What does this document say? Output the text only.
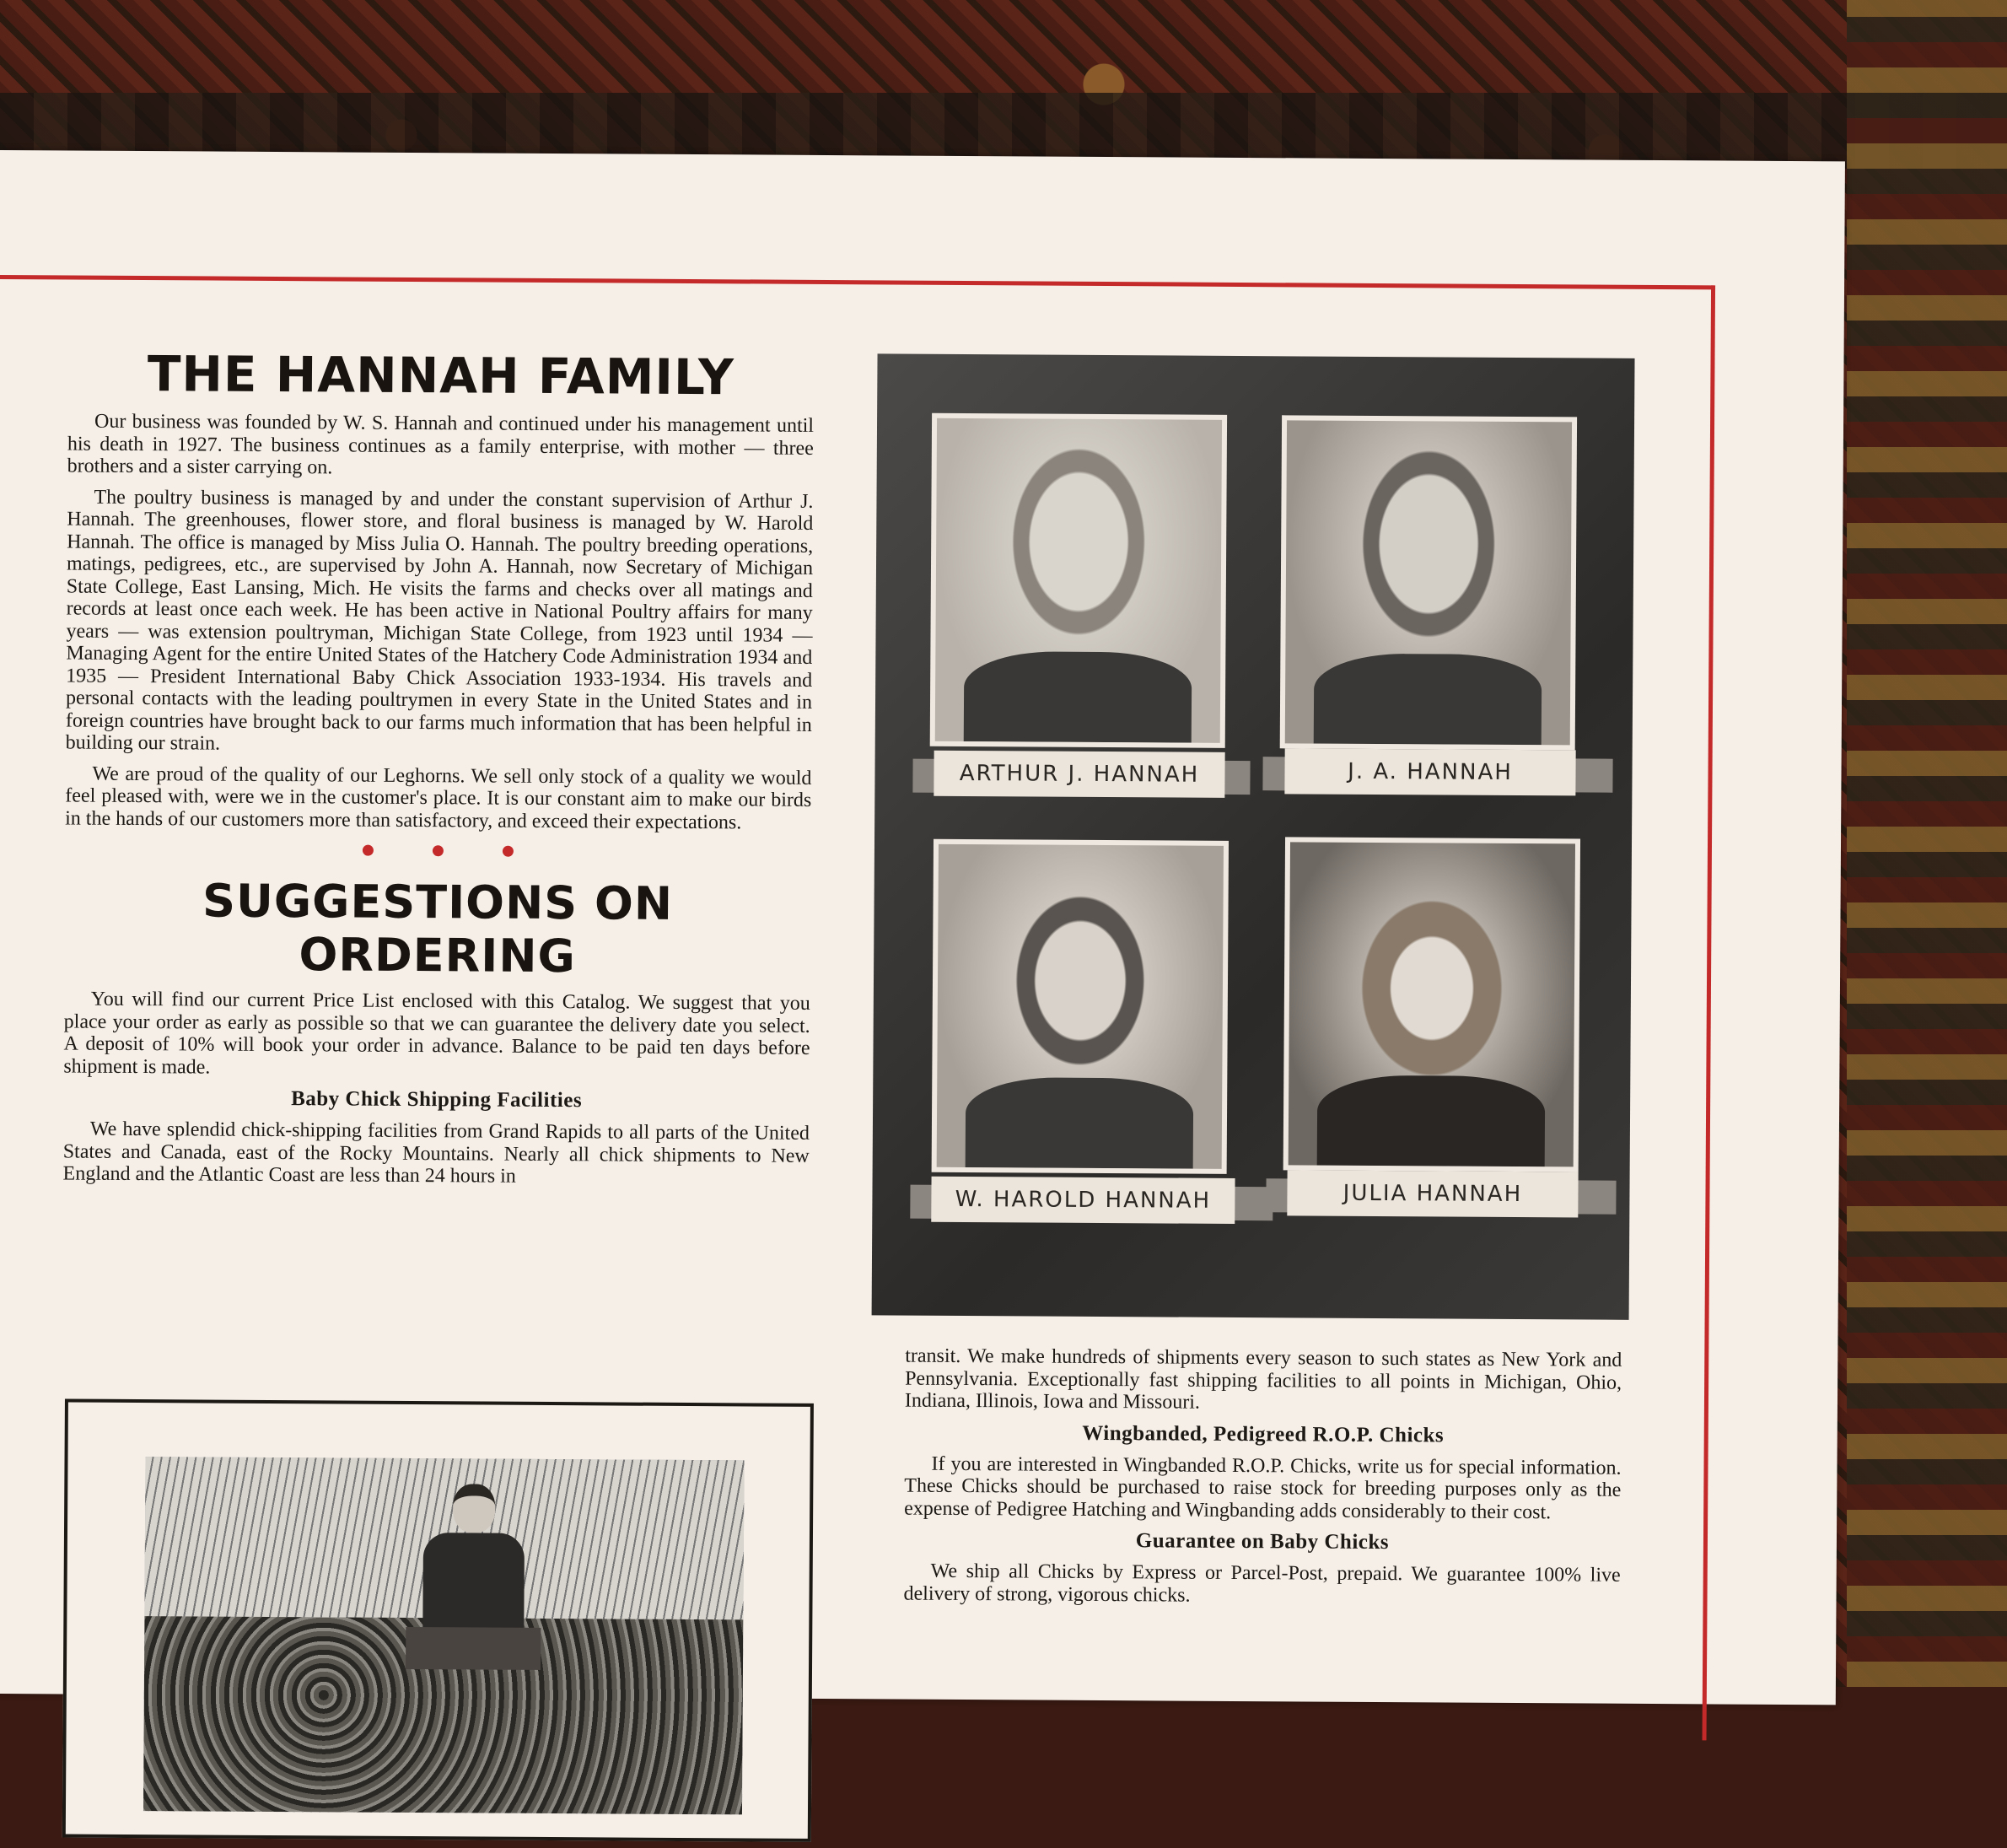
THE HANNAH FAMILY

Our business was founded by W. S. Hannah and continued under his management until his death in 1927. The business continues as a family enterprise, with mother — three brothers and a sister carrying on.

The poultry business is managed by and under the constant supervision of Arthur J. Hannah. The greenhouses, flower store, and floral business is managed by W. Harold Hannah. The office is managed by Miss Julia O. Hannah. The poultry breeding operations, matings, pedigrees, etc., are supervised by John A. Hannah, now Secretary of Michigan State College, East Lansing, Mich. He visits the farms and checks over all matings and records at least once each week. He has been active in National Poultry affairs for many years — was extension poultryman, Michigan State College, from 1923 until 1934 — Managing Agent for the entire United States of the Hatchery Code Administration 1934 and 1935 — President International Baby Chick Association 1933-1934. His travels and personal contacts with the leading poultrymen in every State in the United States and in foreign countries have brought back to our farms much information that has been helpful in building our strain.

We are proud of the quality of our Leghorns. We sell only stock of a quality we would feel pleased with, were we in the customer's place. It is our constant aim to make our birds in the hands of our customers more than satisfactory, and exceed their expectations.

SUGGESTIONS ON ORDERING

You will find our current Price List enclosed with this Catalog. We suggest that you place your order as early as possible so that we can guarantee the delivery date you select. A deposit of 10% will book your order in advance. Balance to be paid ten days before shipment is made.

Baby Chick Shipping Facilities

We have splendid chick-shipping facilities from Grand Rapids to all parts of the United States and Canada, east of the Rocky Mountains. Nearly all chick shipments to New England and the Atlantic Coast are less than 24 hours in

ARTHUR J. HANNAH	J. A. HANNAH
W. HAROLD HANNAH	JULIA HANNAH

transit. We make hundreds of shipments every season to such states as New York and Pennsylvania. Exceptionally fast shipping facilities to all points in Michigan, Ohio, Indiana, Illinois, Iowa and Missouri.

Wingbanded, Pedigreed R.O.P. Chicks

If you are interested in Wingbanded R.O.P. Chicks, write us for special information. These Chicks should be purchased to raise stock for breeding purposes only as the expense of Pedigree Hatching and Wingbanding adds considerably to their cost.

Guarantee on Baby Chicks

We ship all Chicks by Express or Parcel-Post, prepaid. We guarantee 100% live delivery of strong, vigorous chicks.
